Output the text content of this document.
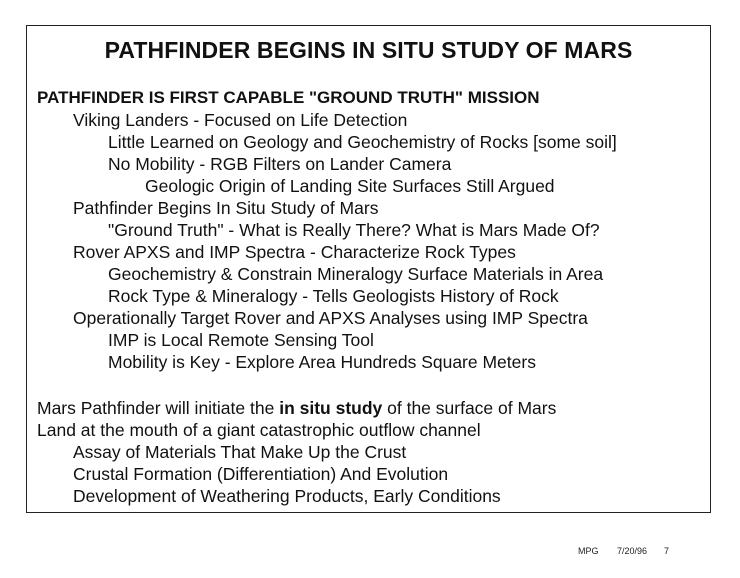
PATHFINDER BEGINS IN SITU STUDY OF MARS
PATHFINDER IS FIRST CAPABLE "GROUND TRUTH" MISSION
Viking Landers - Focused on Life Detection
Little Learned on Geology and Geochemistry of Rocks [some soil]
No Mobility - RGB Filters on Lander Camera
Geologic Origin of Landing Site Surfaces Still Argued
Pathfinder Begins In Situ Study of Mars
"Ground Truth" - What is Really There? What is Mars Made Of?
Rover APXS and IMP Spectra - Characterize Rock Types
Geochemistry & Constrain Mineralogy Surface Materials in Area
Rock Type & Mineralogy - Tells Geologists History of Rock
Operationally Target Rover and APXS Analyses using IMP Spectra
IMP is Local Remote Sensing Tool
Mobility is Key - Explore Area Hundreds Square Meters
Mars Pathfinder will initiate the in situ study of the surface of Mars
Land at the mouth of a giant catastrophic outflow channel
Assay of Materials That Make Up the Crust
Crustal Formation (Differentiation) And Evolution
Development of Weathering Products, Early Conditions
MPG 7/20/96 7
